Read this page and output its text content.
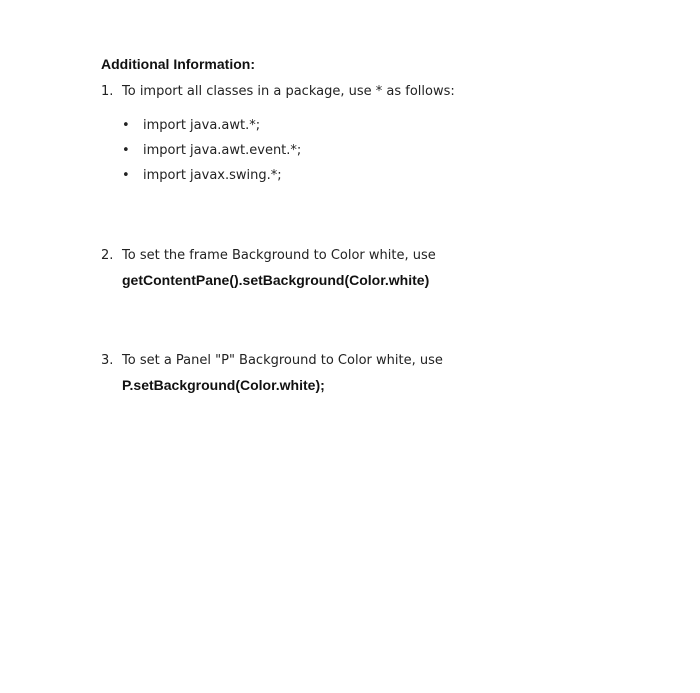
Additional Information:
1. To import all classes in a package, use * as follows:
• import java.awt.*;
• import java.awt.event.*;
• import javax.swing.*;
2. To set the frame Background to Color white, use
getContentPane().setBackground(Color.white)
3. To set a Panel "P" Background to Color white, use
P.setBackground(Color.white);
